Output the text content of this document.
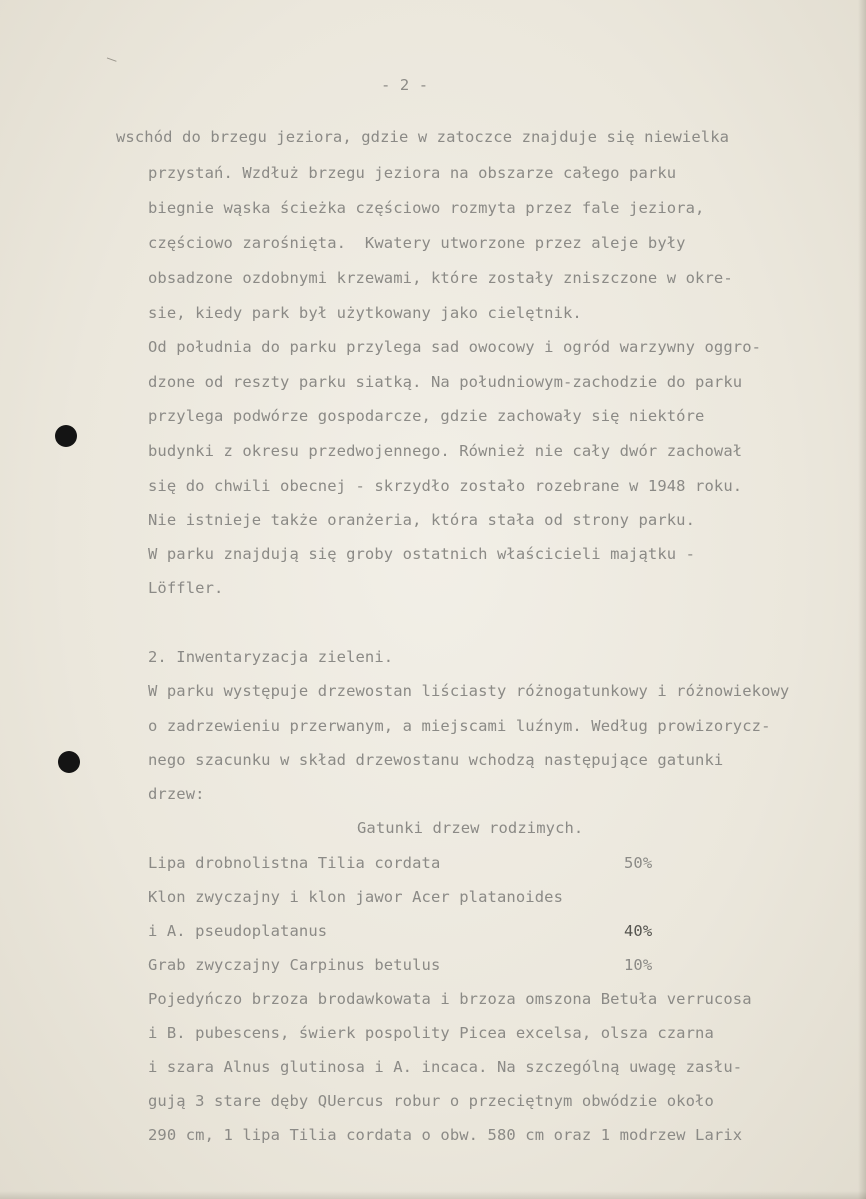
- 2 -
wschód do brzegu jeziora, gdzie w zatoczce znajduje się niewielka
przystań. Wzdłuż brzegu jeziora na obszarze całego parku
biegnie wąska ścieżka częściowo rozmyta przez fale jeziora,
częściowo zarośnięta.  Kwatery utworzone przez aleje były
obsadzone ozdobnymi krzewami, które zostały zniszczone w okre-
sie, kiedy park był użytkowany jako cielętnik.
Od południa do parku przylega sad owocowy i ogród warzywny oggro-
dzone od reszty parku siatką. Na południowym-zachodzie do parku
przylega podwórze gospodarcze, gdzie zachowały się niektóre
budynki z okresu przedwojennego. Również nie cały dwór zachował
się do chwili obecnej - skrzydło zostało rozebrane w 1948 roku.
Nie istnieje także oranżeria, która stała od strony parku.
W parku znajdują się groby ostatnich właścicieli majątku -
Löffler.
2. Inwentaryzacja zieleni.
W parku występuje drzewostan liściasty różnogatunkowy i różnowiekowy
o zadrzewieniu przerwanym, a miejscami luźnym. Według prowizorycz-
nego szacunku w skład drzewostanu wchodzą następujące gatunki
drzew:
Gatunki drzew rodzimych.
Lipa drobnolistna Tilia cordata	50%
Klon zwyczajny i klon jawor Acer platanoides
i A. pseudoplatanus	40%
Grab zwyczajny Carpinus betulus	10%
Pojedyńczo brzoza brodawkowata i brzoza omszona Betuła verrucosa
i B. pubescens, świerk pospolity Picea excelsa, olsza czarna
i szara Alnus glutinosa i A. incaca. Na szczególną uwagę zasłu-
gują 3 stare dęby QUercus robur o przeciętnym obwódzie około
290 cm, 1 lipa Tilia cordata o obw. 580 cm oraz 1 modrzew Larix
